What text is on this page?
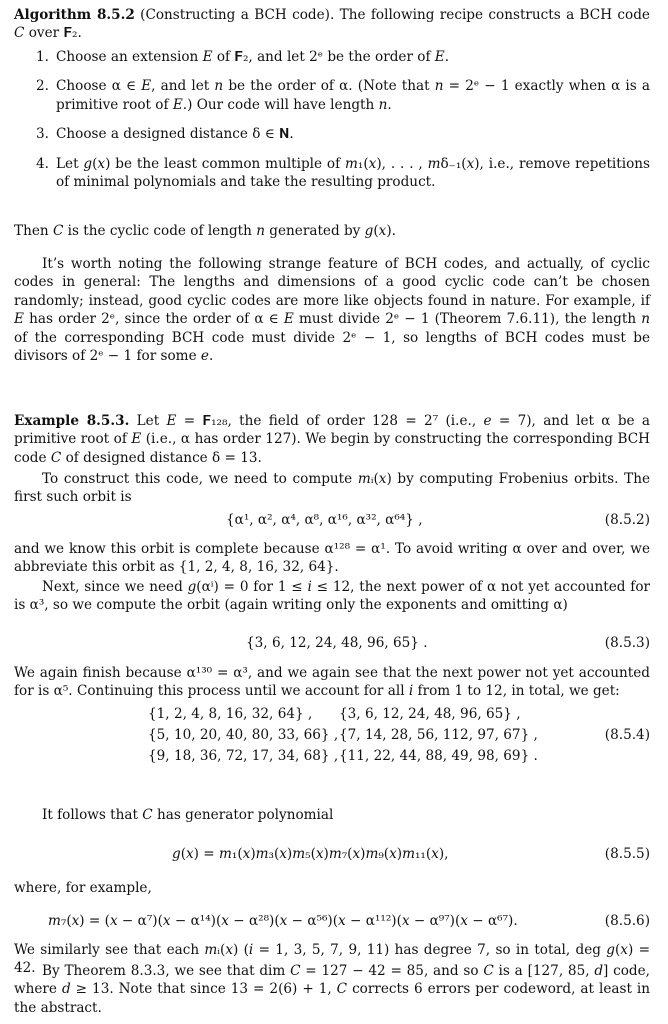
Algorithm 8.5.2 (Constructing a BCH code). The following recipe constructs a BCH code 𝐶 over 𝐅₂.

1. Choose an extension 𝐸 of 𝐅₂, and let 2ᵉ be the order of 𝐸.
2. Choose α ∈ 𝐸, and let 𝑛 be the order of α. (Note that 𝑛 = 2ᵉ − 1 exactly when α is a primitive root of 𝐸.) Our code will have length 𝑛.
3. Choose a designed distance δ ∈ 𝐍.
4. Let 𝑔(𝑥) be the least common multiple of 𝑚₁(𝑥), . . . , 𝑚δ₋₁(𝑥), i.e., remove repetitions of minimal polynomials and take the resulting product.

Then 𝐶 is the cyclic code of length 𝑛 generated by 𝑔(𝑥).

It’s worth noting the following strange feature of BCH codes, and actually, of cyclic codes in general: The lengths and dimensions of a good cyclic code can’t be chosen randomly; instead, good cyclic codes are more like objects found in nature. For example, if 𝐸 has order 2ᵉ, since the order of α ∈ 𝐸 must divide 2ᵉ − 1 (Theorem 7.6.11), the length 𝑛 of the corresponding BCH code must divide 2ᵉ − 1, so lengths of BCH codes must be divisors of 2ᵉ − 1 for some 𝑒.

Example 8.5.3. Let 𝐸 = 𝐅₁₂₈, the field of order 128 = 2⁷ (i.e., 𝑒 = 7), and let α be a primitive root of 𝐸 (i.e., α has order 127). We begin by constructing the corresponding BCH code 𝐶 of designed distance δ = 13.

To construct this code, we need to compute 𝑚ᵢ(𝑥) by computing Frobenius orbits. The first such orbit is

{α¹, α², α⁴, α⁸, α¹⁶, α³², α⁶⁴} ,	(8.5.2)

and we know this orbit is complete because α¹²⁸ = α¹. To avoid writing α over and over, we abbreviate this orbit as {1, 2, 4, 8, 16, 32, 64}.

Next, since we need 𝑔(αⁱ) = 0 for 1 ≤ 𝑖 ≤ 12, the next power of α not yet accounted for is α³, so we compute the orbit (again writing only the exponents and omitting α)

{3, 6, 12, 24, 48, 96, 65} .	(8.5.3)

We again finish because α¹³⁰ = α³, and we again see that the next power not yet accounted for is α⁵. Continuing this process until we account for all 𝑖 from 1 to 12, in total, we get:

{1, 2, 4, 8, 16, 32, 64} , {3, 6, 12, 24, 48, 96, 65} ,
{5, 10, 20, 40, 80, 33, 66} , {7, 14, 28, 56, 112, 97, 67} ,
{9, 18, 36, 72, 17, 34, 68} , {11, 22, 44, 88, 49, 98, 69} .
(8.5.4)

It follows that 𝐶 has generator polynomial

𝑔(𝑥) = 𝑚₁(𝑥)𝑚₃(𝑥)𝑚₅(𝑥)𝑚₇(𝑥)𝑚₉(𝑥)𝑚₁₁(𝑥),	(8.5.5)

where, for example,

𝑚₇(𝑥) = (𝑥 − α⁷)(𝑥 − α¹⁴)(𝑥 − α²⁸)(𝑥 − α⁵⁶)(𝑥 − α¹¹²)(𝑥 − α⁹⁷)(𝑥 − α⁶⁷).	(8.5.6)

We similarly see that each 𝑚ᵢ(𝑥) (𝑖 = 1, 3, 5, 7, 9, 11) has degree 7, so in total, deg 𝑔(𝑥) = 42. By Theorem 8.3.3, we see that dim 𝐶 = 127 − 42 = 85, and so 𝐶 is a [127, 85, 𝑑] code, where 𝑑 ≥ 13. Note that since 13 = 2(6) + 1, 𝐶 corrects 6 errors per codeword, at least in the abstract.
